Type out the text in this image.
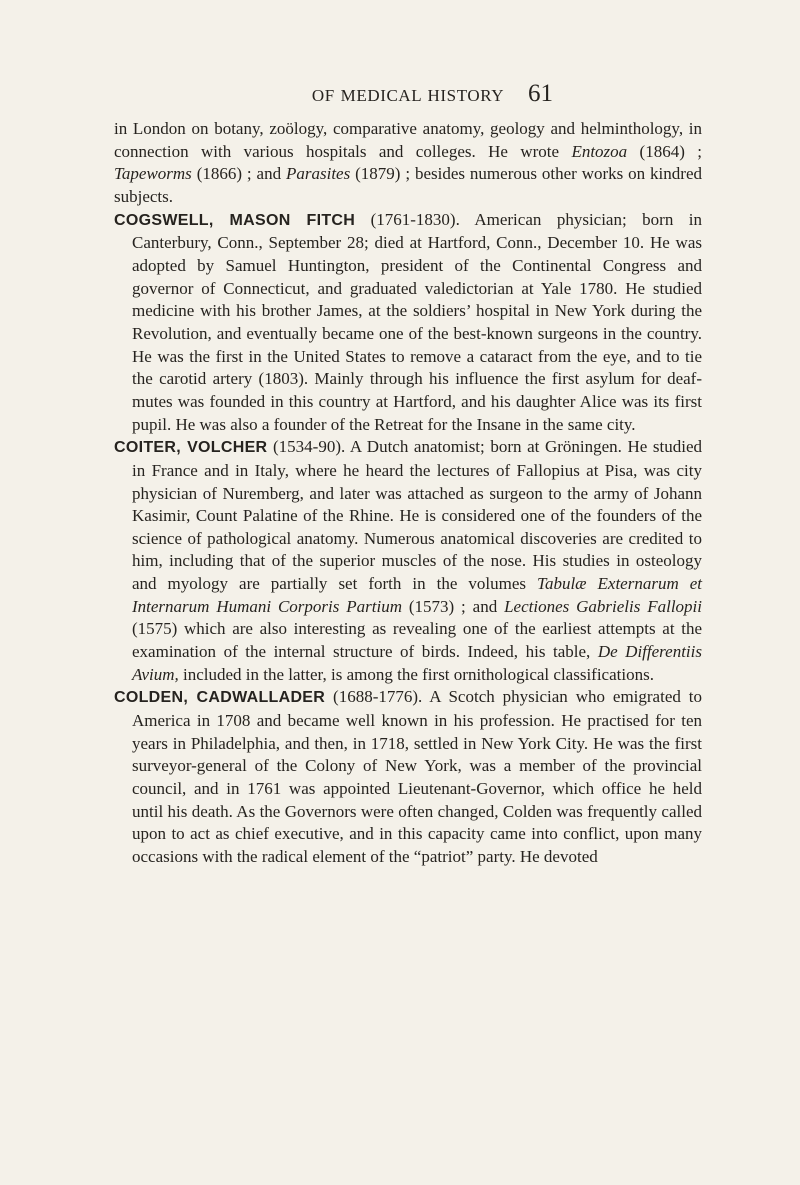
OF MEDICAL HISTORY 61

in London on botany, zoölogy, comparative anatomy, geology and helminthology, in connection with various hospitals and colleges. He wrote Entozoa (1864) ; Tapeworms (1866) ; and Parasites (1879) ; besides numerous other works on kindred subjects.

COGSWELL, MASON FITCH (1761-1830). American physician; born in Canterbury, Conn., September 28; died at Hartford, Conn., December 10. He was adopted by Samuel Huntington, president of the Continental Congress and governor of Connecticut, and graduated valedictorian at Yale 1780. He studied medicine with his brother James, at the soldiers’ hospital in New York during the Revolution, and eventually became one of the best-known surgeons in the country. He was the first in the United States to remove a cataract from the eye, and to tie the carotid artery (1803). Mainly through his influence the first asylum for deaf-mutes was founded in this country at Hartford, and his daughter Alice was its first pupil. He was also a founder of the Retreat for the Insane in the same city.

COITER, VOLCHER (1534-90). A Dutch anatomist; born at Gröningen. He studied in France and in Italy, where he heard the lectures of Fallopius at Pisa, was city physician of Nuremberg, and later was attached as surgeon to the army of Johann Kasimir, Count Palatine of the Rhine. He is considered one of the founders of the science of pathological anatomy. Numerous anatomical discoveries are credited to him, including that of the superior muscles of the nose. His studies in osteology and myology are partially set forth in the volumes Tabulæ Externarum et Internarum Humani Corporis Partium (1573) ; and Lectiones Gabrielis Fallopii (1575) which are also interesting as revealing one of the earliest attempts at the examination of the internal structure of birds. Indeed, his table, De Differentiis Avium, included in the latter, is among the first ornithological classifications.

COLDEN, CADWALLADER (1688-1776). A Scotch physician who emigrated to America in 1708 and became well known in his profession. He practised for ten years in Philadelphia, and then, in 1718, settled in New York City. He was the first surveyor-general of the Colony of New York, was a member of the provincial council, and in 1761 was appointed Lieutenant-Governor, which office he held until his death. As the Governors were often changed, Colden was frequently called upon to act as chief executive, and in this capacity came into conflict, upon many occasions with the radical element of the “patriot” party. He devoted
